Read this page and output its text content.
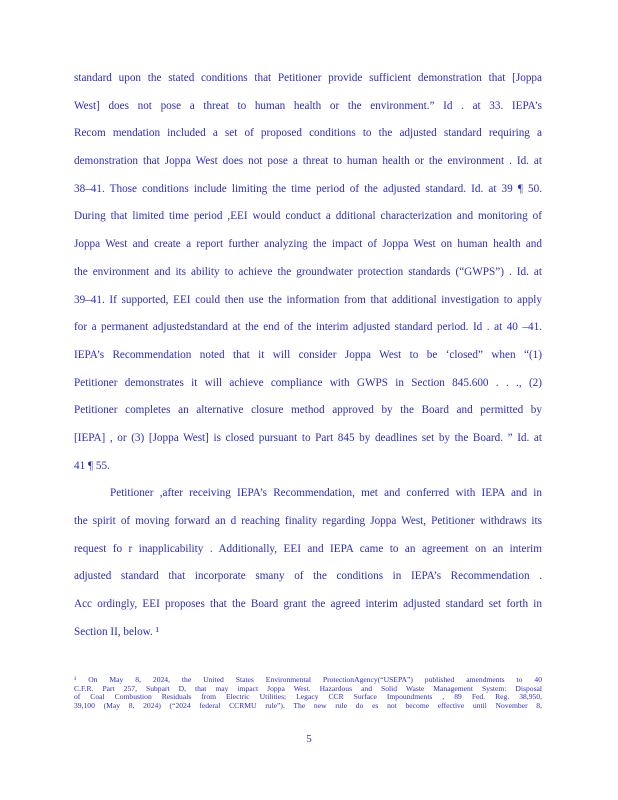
standard upon the stated conditions that Petitioner provide sufficient demonstration that [Joppa
West] does not pose a threat to human health or the environment.” Id . at 33. IEPA’s
Recom mendation included a set of proposed conditions to the adjusted standard requiring a
demonstration that Joppa West does not pose a threat to human health or the environment . Id. at
38–41. Those conditions include limiting the time period of the adjusted standard. Id. at 39 ¶ 50.
During that limited time period ,EEI would conduct a dditional characterization and monitoring of
Joppa West and create a report further analyzing the impact of Joppa West on human health and
the environment and its ability to achieve the groundwater protection standards (“GWPS”) . Id. at
39–41. If supported, EEI could then use the information from that additional investigation to apply
for a permanent adjustedstandard at the end of the interim adjusted standard period. Id . at 40 –41.
IEPA’s Recommendation noted that it will consider Joppa West to be ‘closed” when “(1)
Petitioner demonstrates it will achieve compliance with GWPS in Section 845.600 . . ., (2)
Petitioner completes an alternative closure method approved by the Board and permitted by
[IEPA] , or (3) [Joppa West] is closed pursuant to Part 845 by deadlines set by the Board. ” Id. at
41 ¶ 55.
Petitioner ,after receiving IEPA’s Recommendation, met and conferred with IEPA and in
the spirit of moving forward an d reaching finality regarding Joppa West, Petitioner withdraws its
request fo r inapplicability . Additionally, EEI and IEPA came to an agreement on an interim
adjusted standard that incorporate smany of the conditions in IEPA’s Recommendation .
Acc ordingly, EEI proposes that the Board grant the agreed interim adjusted standard set forth in
Section II, below. ¹
¹ On May 8, 2024, the United States Environmental ProtectionAgency(“USEPA”) published amendments to 40
C.F.R. Part 257, Subpart D, that may impact Joppa West. Hazardous and Solid Waste Management System: Disposal
of Coal Combustion Residuals from Electric Utilities; Legacy CCR Surface Impoundments , 89 Fed. Reg. 38,950,
39,100 (May 8, 2024) (“2024 federal CCRMU rule”). The new rule do es not become effective until November 8,
5
